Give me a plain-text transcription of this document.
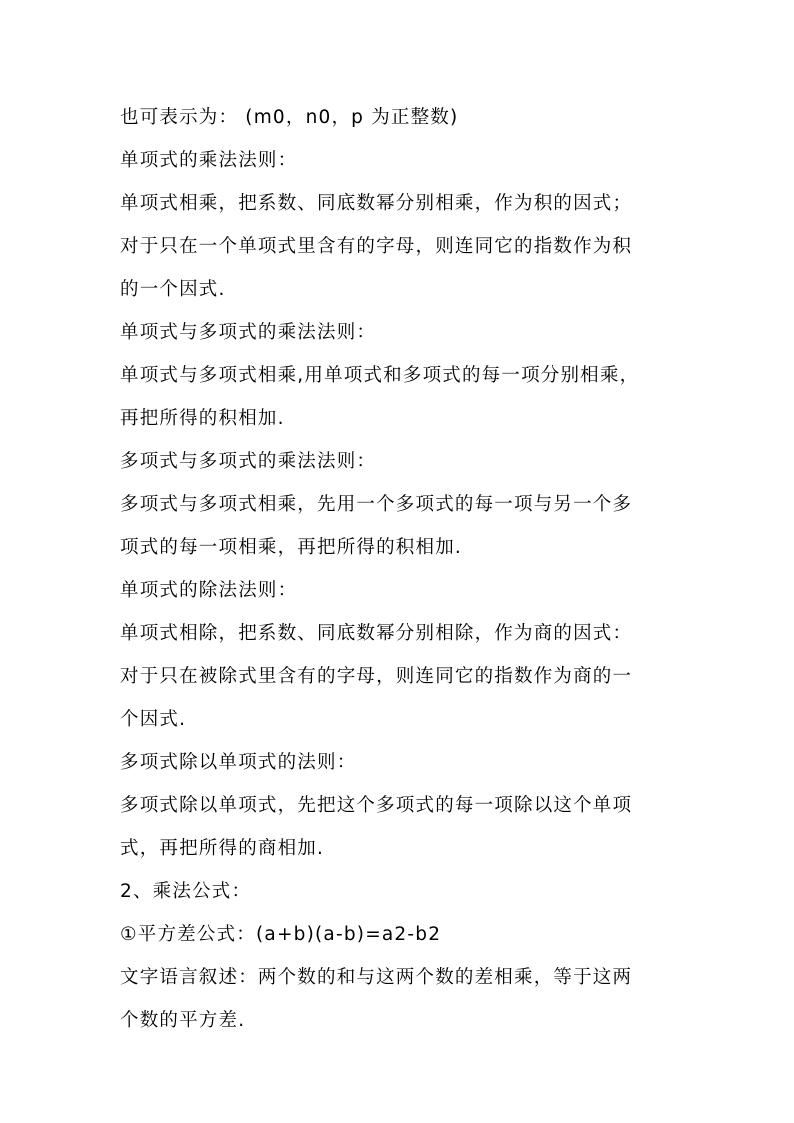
也可表示为： (m0，n0，p 为正整数)
单项式的乘法法则：
单项式相乘，把系数、同底数幂分别相乘，作为积的因式；
对于只在一个单项式里含有的字母，则连同它的指数作为积
的一个因式.
单项式与多项式的乘法法则：
单项式与多项式相乘,用单项式和多项式的每一项分别相乘，
再把所得的积相加.
多项式与多项式的乘法法则：
多项式与多项式相乘，先用一个多项式的每一项与另一个多
项式的每一项相乘，再把所得的积相加.
单项式的除法法则：
单项式相除，把系数、同底数幂分别相除，作为商的因式：
对于只在被除式里含有的字母，则连同它的指数作为商的一
个因式.
多项式除以单项式的法则：
多项式除以单项式，先把这个多项式的每一项除以这个单项
式，再把所得的商相加.
2、乘法公式：
①平方差公式：(a+b)(a-b)=a2-b2
文字语言叙述：两个数的和与这两个数的差相乘，等于这两
个数的平方差.
